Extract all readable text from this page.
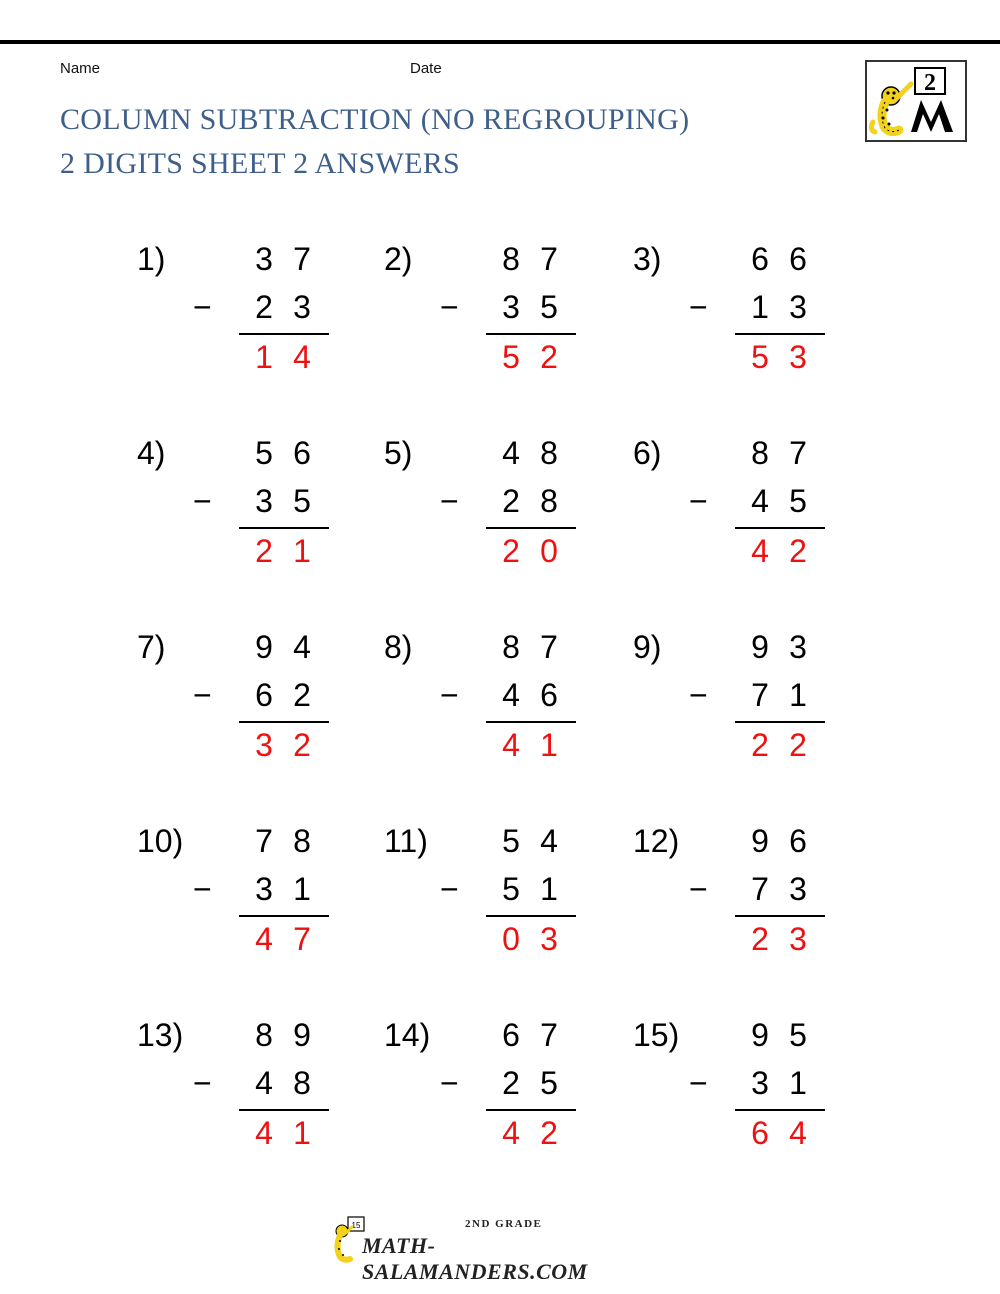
Name	Date
COLUMN SUBTRACTION (NO REGROUPING)
2 DIGITS SHEET 2 ANSWERS
2
1)	3 7
−	2 3
1 4
2)	8 7
−	3 5
5 2
3)	6 6
−	1 3
5 3
4)	5 6
−	3 5
2 1
5)	4 8
−	2 8
2 0
6)	8 7
−	4 5
4 2
7)	9 4
−	6 2
3 2
8)	8 7
−	4 6
4 1
9)	9 3
−	7 1
2 2
10)	7 8
−	3 1
4 7
11)	5 4
−	5 1
0 3
12)	9 6
−	7 3
2 3
13)	8 9
−	4 8
4 1
14)	6 7
−	2 5
4 2
15)	9 5
−	3 1
6 4
15	2ND GRADE
MATH-SALAMANDERS.COM
